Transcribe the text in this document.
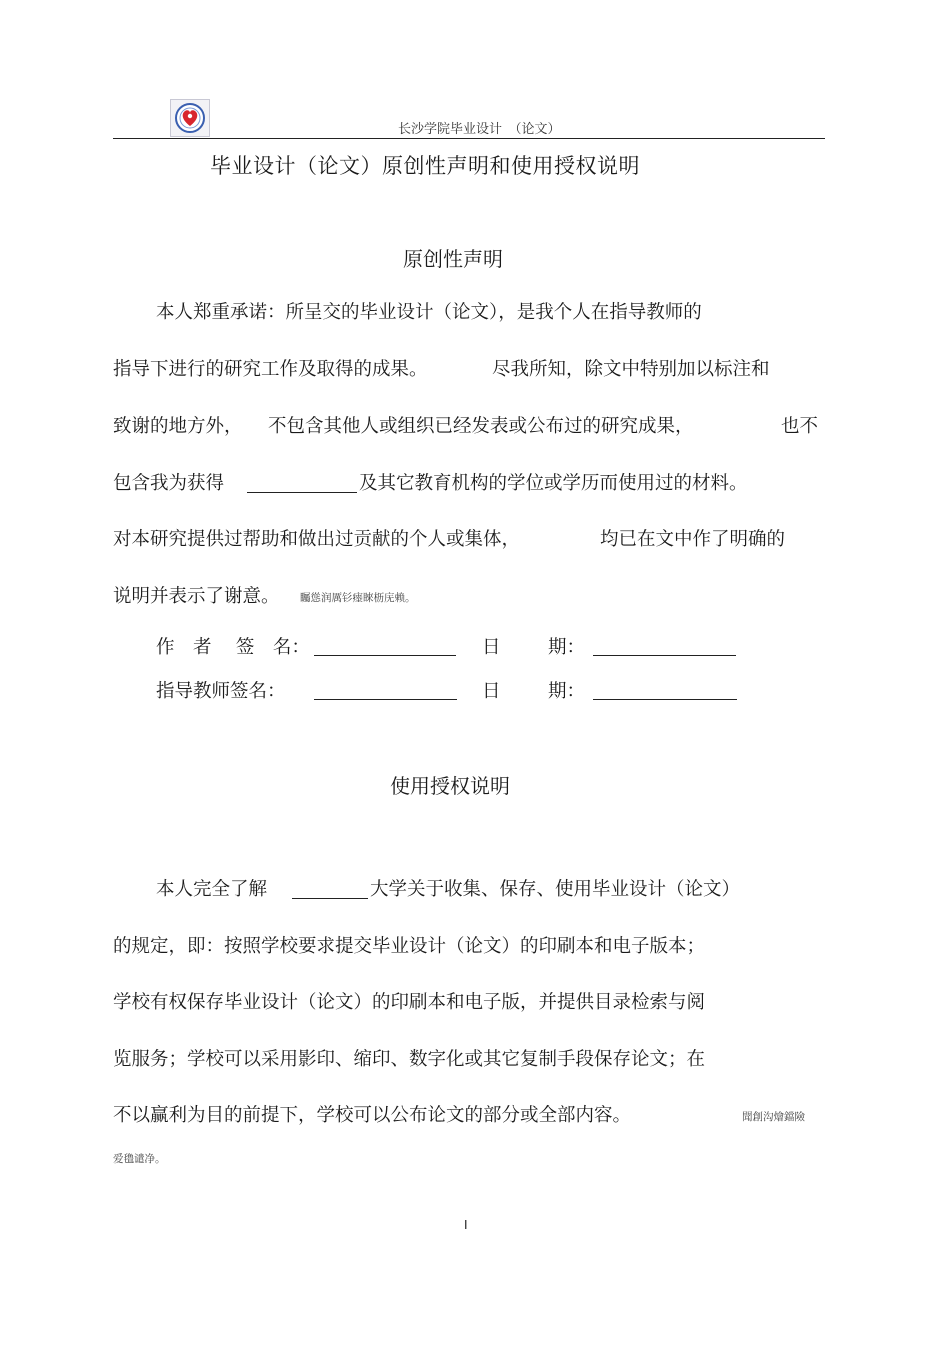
长沙学院毕业设计　（论文）
毕业设计（论文）原创性声明和使用授权说明
原创性声明
本人郑重承诺：所呈交的毕业设计（论文），是我个人在指导教师的
指导下进行的研究工作及取得的成果。	尽我所知，除文中特别加以标注和
致谢的地方外， 不包含其他人或组织已经发表或公布过的研究成果，	也不
包含我为获得	及其它教育机构的学位或学历而使用过的材料。
对本研究提供过帮助和做出过贡献的个人或集体，	均已在文中作了明确的
说明并表示了谢意。 矚慫润厲钐瘗睞枥庑赖。
作　者　 签　名：	日	期：
指导教师签名：	日	期：
使用授权说明
本人完全了解	大学关于收集、保存、使用毕业设计（论文）
的规定，即：按照学校要求提交毕业设计（论文）的印刷本和电子版本；
学校有权保存毕业设计（论文）的印刷本和电子版，并提供目录检索与阅
览服务；学校可以采用影印、缩印、数字化或其它复制手段保存论文；在
不以赢利为目的前提下，学校可以公布论文的部分或全部内容。	聞創沟燴鐺險
爱氇谴净。
I
